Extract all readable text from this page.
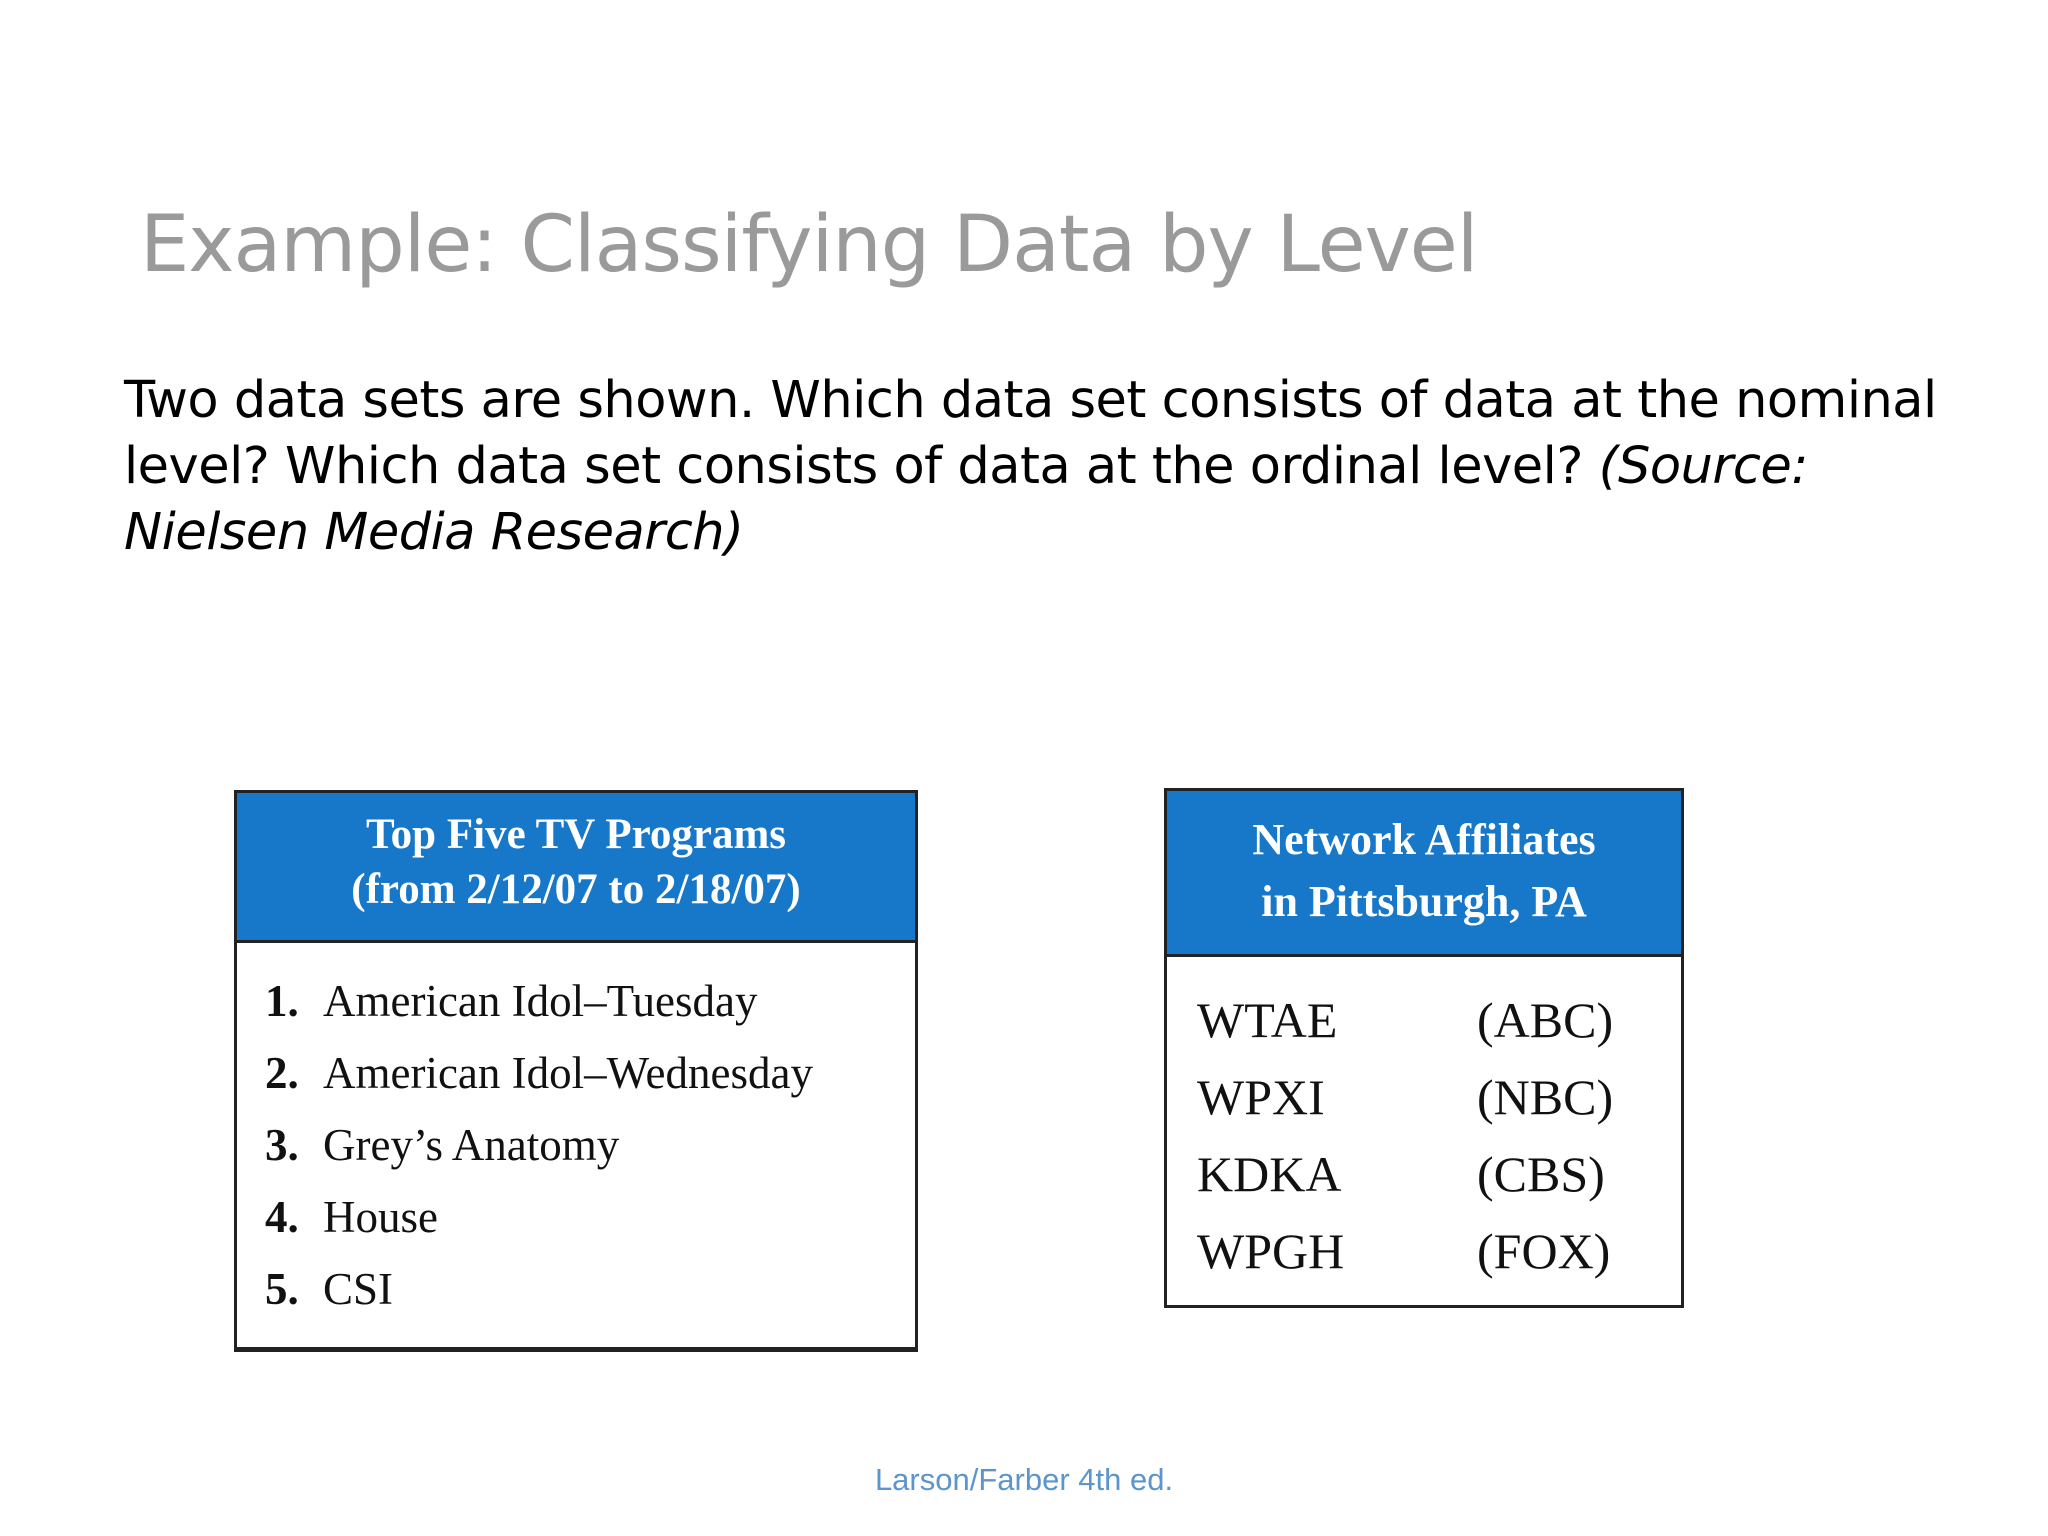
Example: Classifying Data by Level

Two data sets are shown. Which data set consists of data at the nominal level? Which data set consists of data at the ordinal level? (Source: Nielsen Media Research)

Top Five TV Programs
(from 2/12/07 to 2/18/07)
1. American Idol–Tuesday
2. American Idol–Wednesday
3. Grey’s Anatomy
4. House
5. CSI
Network Affiliates
in Pittsburgh, PA
WTAE	(ABC)
WPXI	(NBC)
KDKA	(CBS)
WPGH	(FOX)
Larson/Farber 4th ed.
